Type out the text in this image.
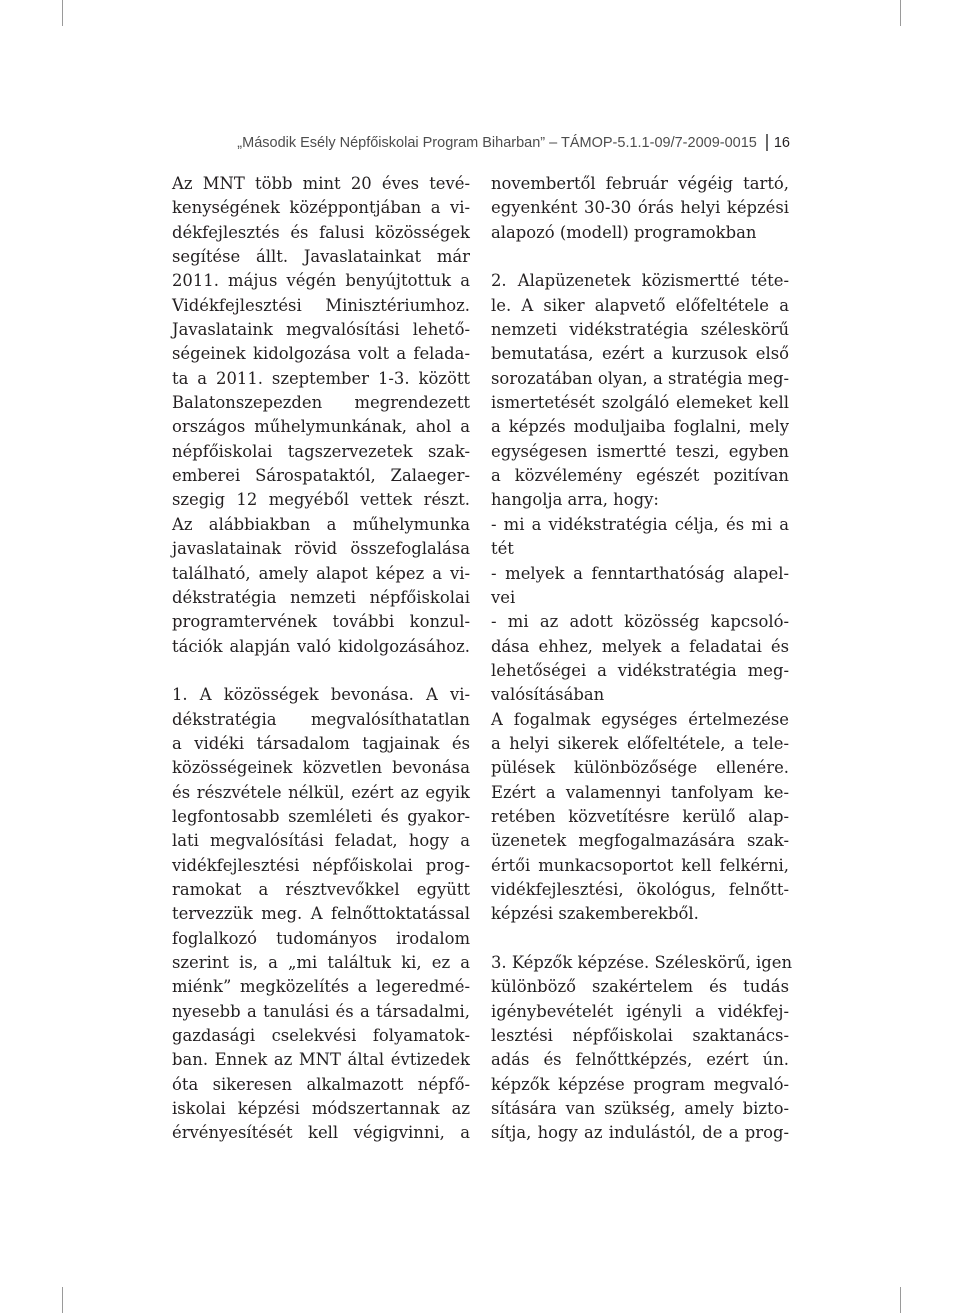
„Második Esély Népfőiskolai Program Biharban” – TÁMOP-5.1.1-09/7-2009-0015 16
Az MNT több mint 20 éves tevé-
kenységének középpontjában a vi-
dékfejlesztés és falusi közösségek
segítése állt. Javaslatainkat már
2011. május végén benyújtottuk a
Vidékfejlesztési Minisztériumhoz.
Javaslataink megvalósítási lehető-
ségeinek kidolgozása volt a felada-
ta a 2011. szeptember 1-3. között
Balatonszepezden megrendezett
országos műhelymunkának, ahol a
népfőiskolai tagszervezetek szak-
emberei Sárospataktól, Zalaeger-
szegig 12 megyéből vettek részt.
Az alábbiakban a műhelymunka
javaslatainak rövid összefoglalása
található, amely alapot képez a vi-
dékstratégia nemzeti népfőiskolai
programtervének további konzul-
tációk alapján való kidolgozásához.
1. A közösségek bevonása. A vi-
dékstratégia megvalósíthatatlan
a vidéki társadalom tagjainak és
közösségeinek közvetlen bevonása
és részvétele nélkül, ezért az egyik
legfontosabb szemléleti és gyakor-
lati megvalósítási feladat, hogy a
vidékfejlesztési népfőiskolai prog-
ramokat a résztvevőkkel együtt
tervezzük meg. A felnőttoktatással
foglalkozó tudományos irodalom
szerint is, a „mi találtuk ki, ez a
miénk” megközelítés a legeredmé-
nyesebb a tanulási és a társadalmi,
gazdasági cselekvési folyamatok-
ban. Ennek az MNT által évtizedek
óta sikeresen alkalmazott népfő-
iskolai képzési módszertannak az
érvényesítését kell végigvinni, a
novembertől február végéig tartó,
egyenként 30-30 órás helyi képzési
alapozó (modell) programokban
2. Alapüzenetek közismertté téte-
le. A siker alapvető előfeltétele a
nemzeti vidékstratégia széleskörű
bemutatása, ezért a kurzusok első
sorozatában olyan, a stratégia meg-
ismertetését szolgáló elemeket kell
a képzés moduljaiba foglalni, mely
egységesen ismertté teszi, egyben
a közvélemény egészét pozitívan
hangolja arra, hogy:
- mi a vidékstratégia célja, és mi a
tét
- melyek a fenntarthatóság alapel-
vei
- mi az adott közösség kapcsoló-
dása ehhez, melyek a feladatai és
lehetőségei a vidékstratégia meg-
valósításában
A fogalmak egységes értelmezése
a helyi sikerek előfeltétele, a tele-
pülések különbözősége ellenére.
Ezért a valamennyi tanfolyam ke-
retében közvetítésre kerülő alap-
üzenetek megfogalmazására szak-
értői munkacsoportot kell felkérni,
vidékfejlesztési, ökológus, felnőtt-
képzési szakemberekből.
3. Képzők képzése. Széleskörű, igen
különböző szakértelem és tudás
igénybevételét igényli a vidékfej-
lesztési népfőiskolai szaktanács-
adás és felnőttképzés, ezért ún.
képzők képzése program megvaló-
sítására van szükség, amely bizto-
sítja, hogy az indulástól, de a prog-
